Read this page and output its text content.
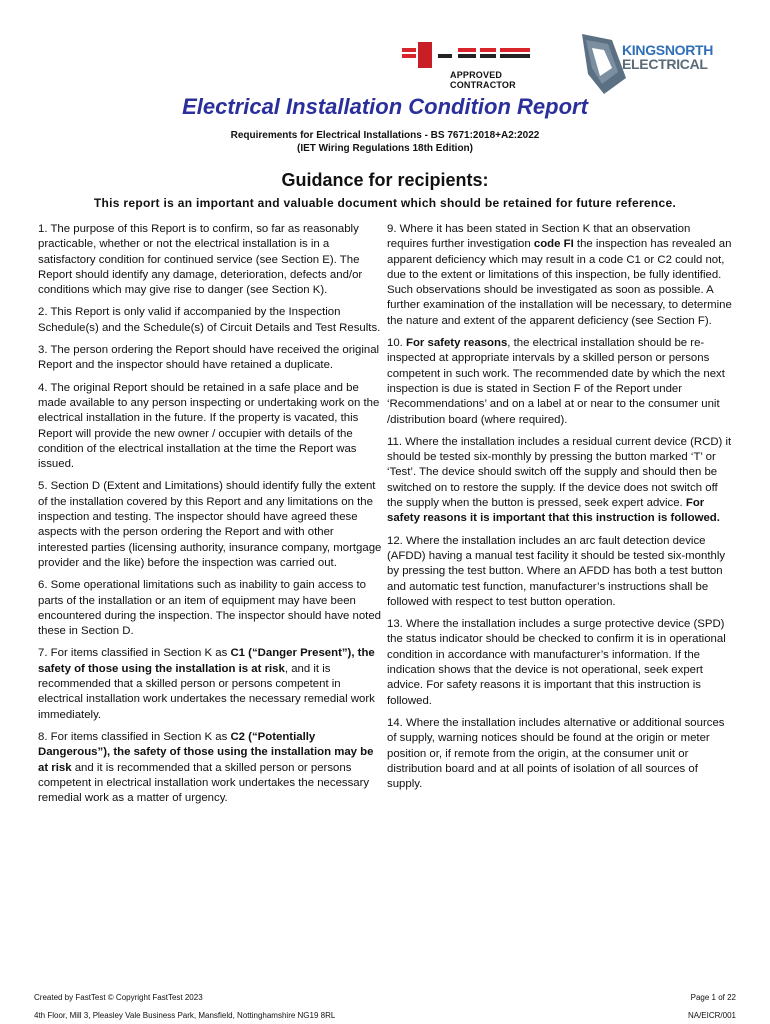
APPROVED
CONTRACTOR
KINGSNORTH
ELECTRICAL
Electrical Installation Condition Report
Requirements for Electrical Installations - BS 7671:2018+A2:2022
(IET Wiring Regulations 18th Edition)
Guidance for recipients:
This report is an important and valuable document which should be retained for future reference.

1. The purpose of this Report is to confirm, so far as reasonably practicable, whether or not the electrical installation is in a satisfactory condition for continued service (see Section E). The Report should identify any damage, deterioration, defects and/or conditions which may give rise to danger (see Section K).

2. This Report is only valid if accompanied by the Inspection Schedule(s) and the Schedule(s) of Circuit Details and Test Results.

3. The person ordering the Report should have received the original Report and the inspector should have retained a duplicate.

4. The original Report should be retained in a safe place and be made available to any person inspecting or undertaking work on the electrical installation in the future. If the property is vacated, this Report will provide the new owner / occupier with details of the condition of the electrical installation at the time the Report was issued.

5. Section D (Extent and Limitations) should identify fully the extent of the installation covered by this Report and any limitations on the inspection and testing. The inspector should have agreed these aspects with the person ordering the Report and with other interested parties (licensing authority, insurance company, mortgage provider and the like) before the inspection was carried out.

6. Some operational limitations such as inability to gain access to parts of the installation or an item of equipment may have been encountered during the inspection. The inspector should have noted these in Section D.

7. For items classified in Section K as C1 (“Danger Present”), the safety of those using the installation is at risk, and it is recommended that a skilled person or persons competent in electrical installation work undertakes the necessary remedial work immediately.

8. For items classified in Section K as C2 (“Potentially Dangerous”), the safety of those using the installation may be at risk and it is recommended that a skilled person or persons competent in electrical installation work undertakes the necessary remedial work as a matter of urgency.

9. Where it has been stated in Section K that an observation requires further investigation code FI the inspection has revealed an apparent deficiency which may result in a code C1 or C2 could not, due to the extent or limitations of this inspection, be fully identified. Such observations should be investigated as soon as possible. A further examination of the installation will be necessary, to determine the nature and extent of the apparent deficiency (see Section F).

10. For safety reasons, the electrical installation should be re-inspected at appropriate intervals by a skilled person or persons competent in such work. The recommended date by which the next inspection is due is stated in Section F of the Report under ‘Recommendations’ and on a label at or near to the consumer unit /distribution board (where required).

11. Where the installation includes a residual current device (RCD) it should be tested six-monthly by pressing the button marked ‘T’ or ‘Test’. The device should switch off the supply and should then be switched on to restore the supply. If the device does not switch off the supply when the button is pressed, seek expert advice. For safety reasons it is important that this instruction is followed.

12. Where the installation includes an arc fault detection device (AFDD) having a manual test facility it should be tested six-monthly by pressing the test button. Where an AFDD has both a test button and automatic test function, manufacturer’s instructions shall be followed with respect to test button operation.

13. Where the installation includes a surge protective device (SPD) the status indicator should be checked to confirm it is in operational condition in accordance with manufacturer’s information. If the indication shows that the device is not operational, seek expert advice. For safety reasons it is important that this instruction is followed.

14. Where the installation includes alternative or additional sources of supply, warning notices should be found at the origin or meter position or, if remote from the origin, at the consumer unit or distribution board and at all points of isolation of all sources of supply.

Created by FastTest © Copyright FastTest 2023
4th Floor, Mill 3, Pleasley Vale Business Park, Mansfield, Nottinghamshire NG19 8RL
Page 1 of 22
NA/EICR/001
